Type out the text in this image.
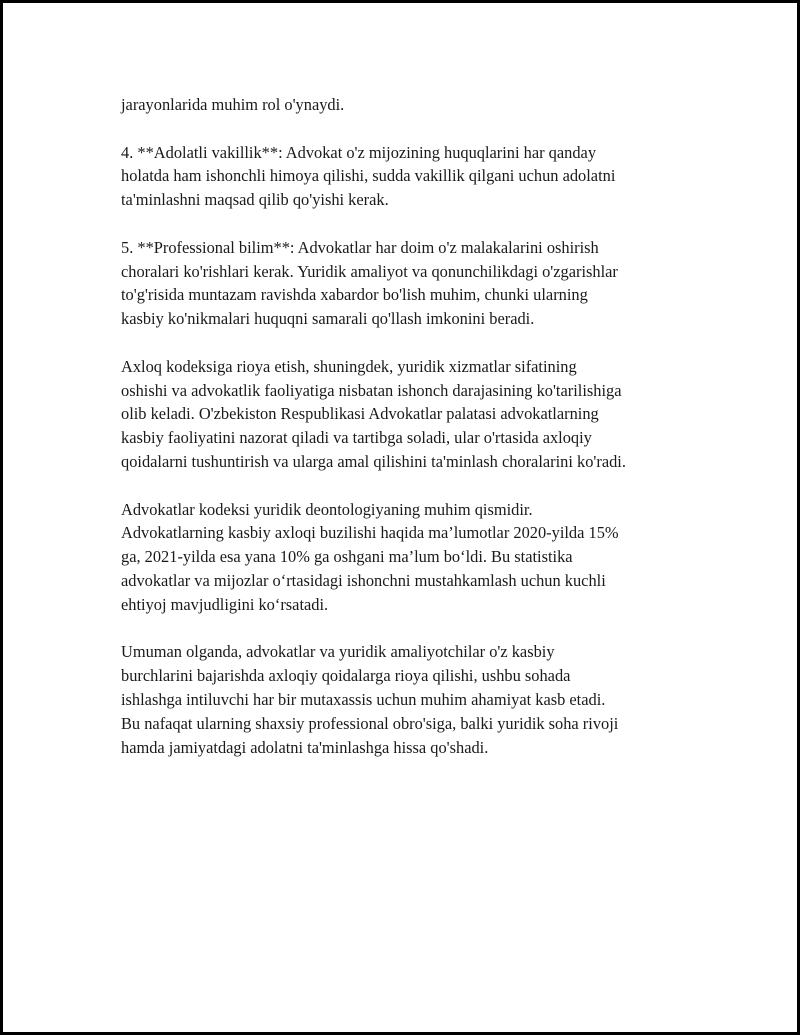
jarayonlarida muhim rol o'ynaydi.

4. **Adolatli vakillik**: Advokat o'z mijozining huquqlarini har qanday
holatda ham ishonchli himoya qilishi, sudda vakillik qilgani uchun adolatni
ta'minlashni maqsad qilib qo'yishi kerak.

5. **Professional bilim**: Advokatlar har doim o'z malakalarini oshirish
choralari ko'rishlari kerak. Yuridik amaliyot va qonunchilikdagi o'zgarishlar
to'g'risida muntazam ravishda xabardor bo'lish muhim, chunki ularning
kasbiy ko'nikmalari huquqni samarali qo'llash imkonini beradi.

Axloq kodeksiga rioya etish, shuningdek, yuridik xizmatlar sifatining
oshishi va advokatlik faoliyatiga nisbatan ishonch darajasining ko'tarilishiga
olib keladi. O'zbekiston Respublikasi Advokatlar palatasi advokatlarning
kasbiy faoliyatini nazorat qiladi va tartibga soladi, ular o'rtasida axloqiy
qoidalarni tushuntirish va ularga amal qilishini ta'minlash choralarini ko'radi.

Advokatlar kodeksi yuridik deontologiyaning muhim qismidir.
Advokatlarning kasbiy axloqi buzilishi haqida ma’lumotlar 2020-yilda 15%
ga, 2021-yilda esa yana 10% ga oshgani ma’lum bo‘ldi. Bu statistika
advokatlar va mijozlar o‘rtasidagi ishonchni mustahkamlash uchun kuchli
ehtiyoj mavjudligini ko‘rsatadi.

Umuman olganda, advokatlar va yuridik amaliyotchilar o'z kasbiy
burchlarini bajarishda axloqiy qoidalarga rioya qilishi, ushbu sohada
ishlashga intiluvchi har bir mutaxassis uchun muhim ahamiyat kasb etadi.
Bu nafaqat ularning shaxsiy professional obro'siga, balki yuridik soha rivoji
hamda jamiyatdagi adolatni ta'minlashga hissa qo'shadi.
